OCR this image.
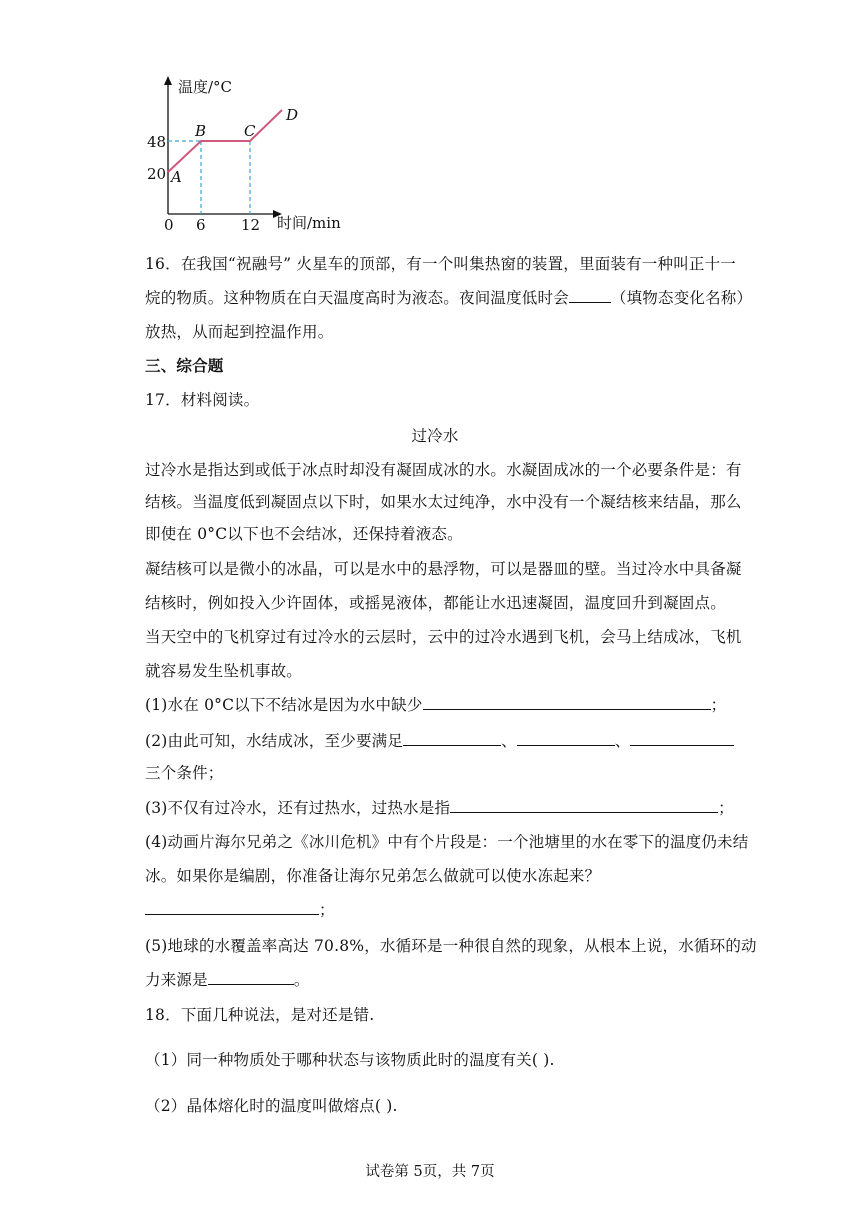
温度/°C
时间/min
0
20
48
6 12
A
B	C
D
16．在我国“祝融号” 火星车的顶部，有一个叫集热窗的装置，里面装有一种叫正十一
烷的物质。这种物质在白天温度高时为液态。夜间温度低时会	（填物态变化名称）
放热，从而起到控温作用。
三、综合题
17．材料阅读。
过冷水
过冷水是指达到或低于冰点时却没有凝固成冰的水。水凝固成冰的一个必要条件是：有
结核。当温度低到凝固点以下时，如果水太过纯净，水中没有一个凝结核来结晶，那么
即使在 0°C以下也不会结冰，还保持着液态。
凝结核可以是微小的冰晶，可以是水中的悬浮物，可以是器皿的壁。当过冷水中具备凝
结核时，例如投入少许固体，或摇晃液体，都能让水迅速凝固，温度回升到凝固点。
当天空中的飞机穿过有过冷水的云层时，云中的过冷水遇到飞机，会马上结成冰，飞机
就容易发生坠机事故。
(1)水在 0°C以下不结冰是因为水中缺少	；
(2)由此可知，水结成冰，至少要满足	、	、
三个条件；
(3)不仅有过冷水，还有过热水，过热水是指	；
(4)动画片海尔兄弟之《冰川危机》中有个片段是：一个池塘里的水在零下的温度仍未结
冰。如果你是编剧，你准备让海尔兄弟怎么做就可以使水冻起来？
；
(5)地球的水覆盖率高达 70.8%，水循环是一种很自然的现象，从根本上说，水循环的动
力来源是	。
18．下面几种说法，是对还是错.
（1）同一种物质处于哪种状态与该物质此时的温度有关( ).
（2）晶体熔化时的温度叫做熔点( ).
试卷第 5页，共 7页
